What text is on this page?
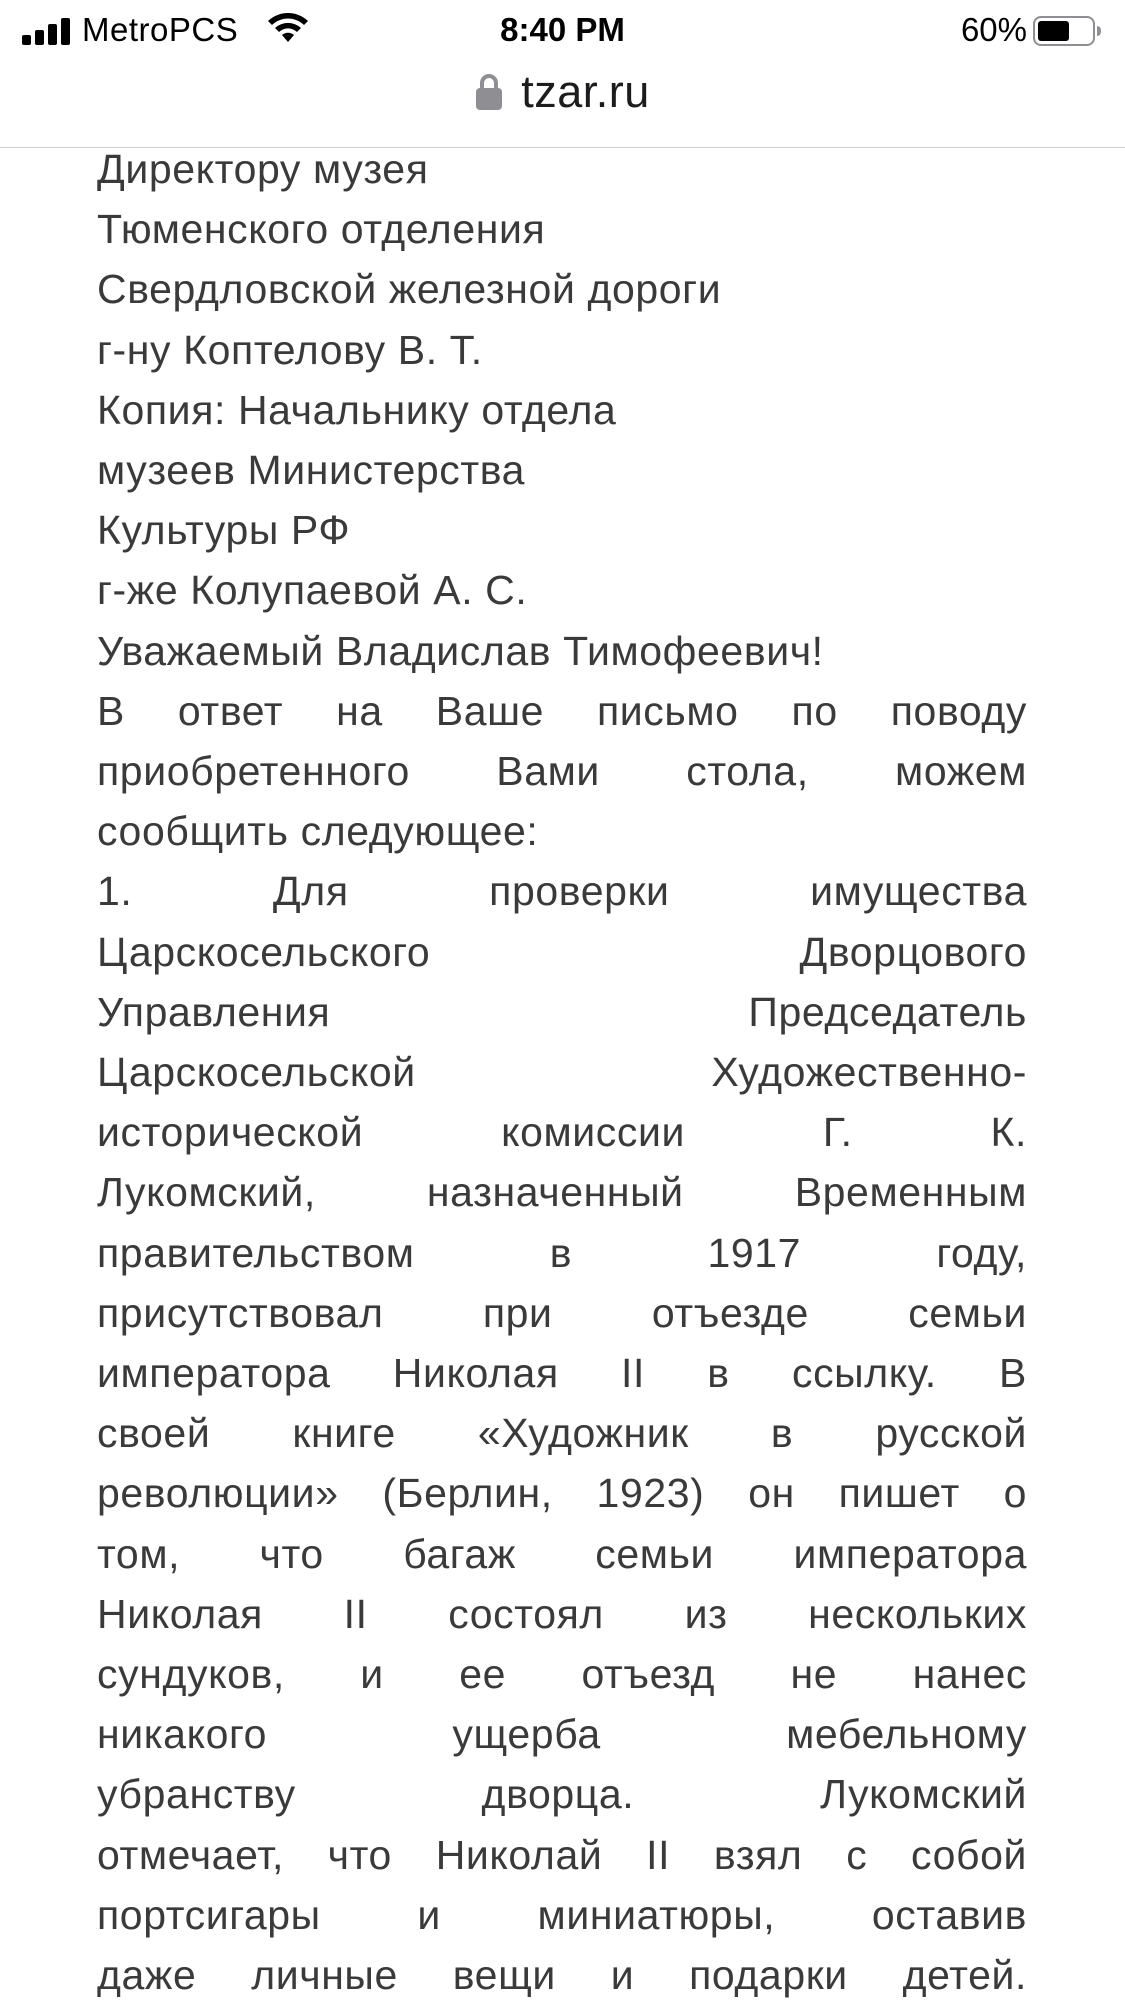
MetroPCS	8:40 PM	60%
tzar.ru

Директору музея

Тюменского отделения

Свердловской железной дороги

г-ну Коптелову В. Т.

Копия: Начальнику отдела

музеев Министерства

Культуры РФ

г-же Колупаевой А. С.

Уважаемый Владислав Тимофеевич!

В ответ на Ваше письмо по поводу

приобретенного Вами стола, можем

сообщить следующее:

1. Для проверки имущества

Царскосельского Дворцового

Управления Председатель

Царскосельской Художественно-

исторической комиссии Г. К.

Лукомский, назначенный Временным

правительством в 1917 году,

присутствовал при отъезде семьи

императора Николая II в ссылку. В

своей книге «Художник в русской

революции» (Берлин, 1923) он пишет о

том, что багаж семьи императора

Николая II состоял из нескольких

сундуков, и ее отъезд не нанес

никакого ущерба мебельному

убранству дворца. Лукомский

отмечает, что Николай II взял с собой

портсигары и миниатюры, оставив

даже личные вещи и подарки детей.
